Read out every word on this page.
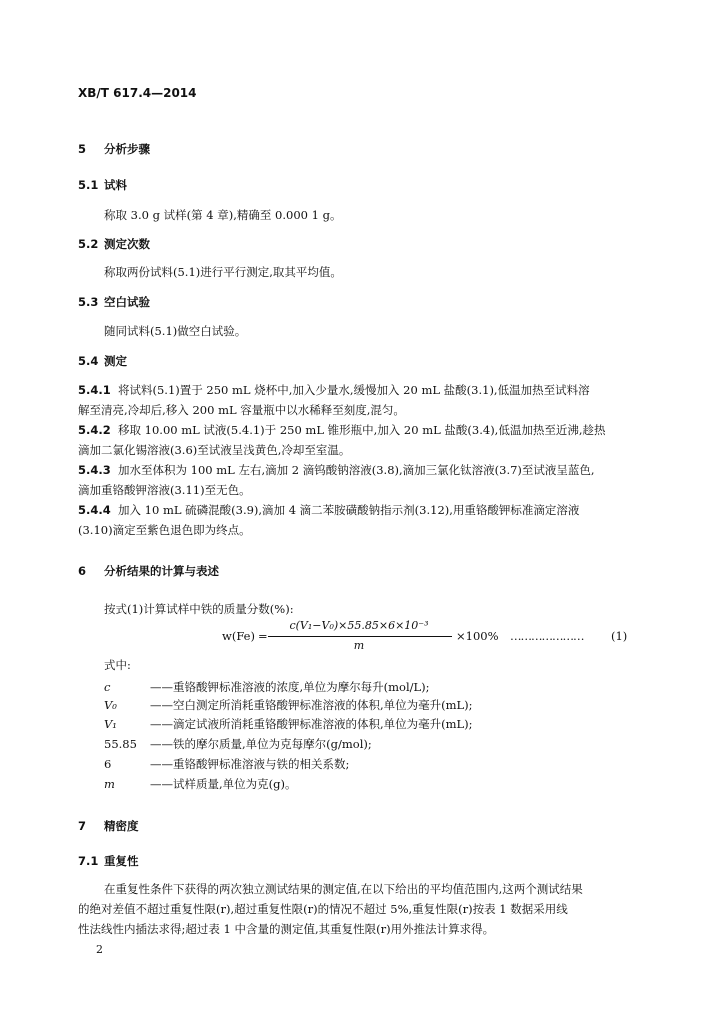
XB/T 617.4—2014
5 分析步骤
5.1 试料
称取 3.0 g 试样(第 4 章),精确至 0.000 1 g。
5.2 测定次数
称取两份试料(5.1)进行平行测定,取其平均值。
5.3 空白试验
随同试料(5.1)做空白试验。
5.4 测定
5.4.1 将试料(5.1)置于 250 mL 烧杯中,加入少量水,缓慢加入 20 mL 盐酸(3.1),低温加热至试料溶
解至清亮,冷却后,移入 200 mL 容量瓶中以水稀释至刻度,混匀。
5.4.2 移取 10.00 mL 试液(5.4.1)于 250 mL 锥形瓶中,加入 20 mL 盐酸(3.4),低温加热至近沸,趁热
滴加二氯化锡溶液(3.6)至试液呈浅黄色,冷却至室温。
5.4.3 加水至体积为 100 mL 左右,滴加 2 滴钨酸钠溶液(3.8),滴加三氯化钛溶液(3.7)至试液呈蓝色,
滴加重铬酸钾溶液(3.11)至无色。
5.4.4 加入 10 mL 硫磷混酸(3.9),滴加 4 滴二苯胺磺酸钠指示剂(3.12),用重铬酸钾标准滴定溶液
(3.10)滴定至紫色退色即为终点。
6 分析结果的计算与表述
按式(1)计算试样中铁的质量分数(%):
w(Fe) =
c(V₁−V₀)×55.85×6×10⁻³
m
×100% ………………… (1)
式中:
c	——重铬酸钾标准溶液的浓度,单位为摩尔每升(mol/L);
V₀	——空白测定所消耗重铬酸钾标准溶液的体积,单位为毫升(mL);
V₁	——滴定试液所消耗重铬酸钾标准溶液的体积,单位为毫升(mL);
55.85 ——铁的摩尔质量,单位为克每摩尔(g/mol);
6	——重铬酸钾标准溶液与铁的相关系数;
m	——试样质量,单位为克(g)。
7 精密度
7.1 重复性
在重复性条件下获得的两次独立测试结果的测定值,在以下给出的平均值范围内,这两个测试结果
的绝对差值不超过重复性限(r),超过重复性限(r)的情况不超过 5%,重复性限(r)按表 1 数据采用线
性法线性内插法求得;超过表 1 中含量的测定值,其重复性限(r)用外推法计算求得。
2
